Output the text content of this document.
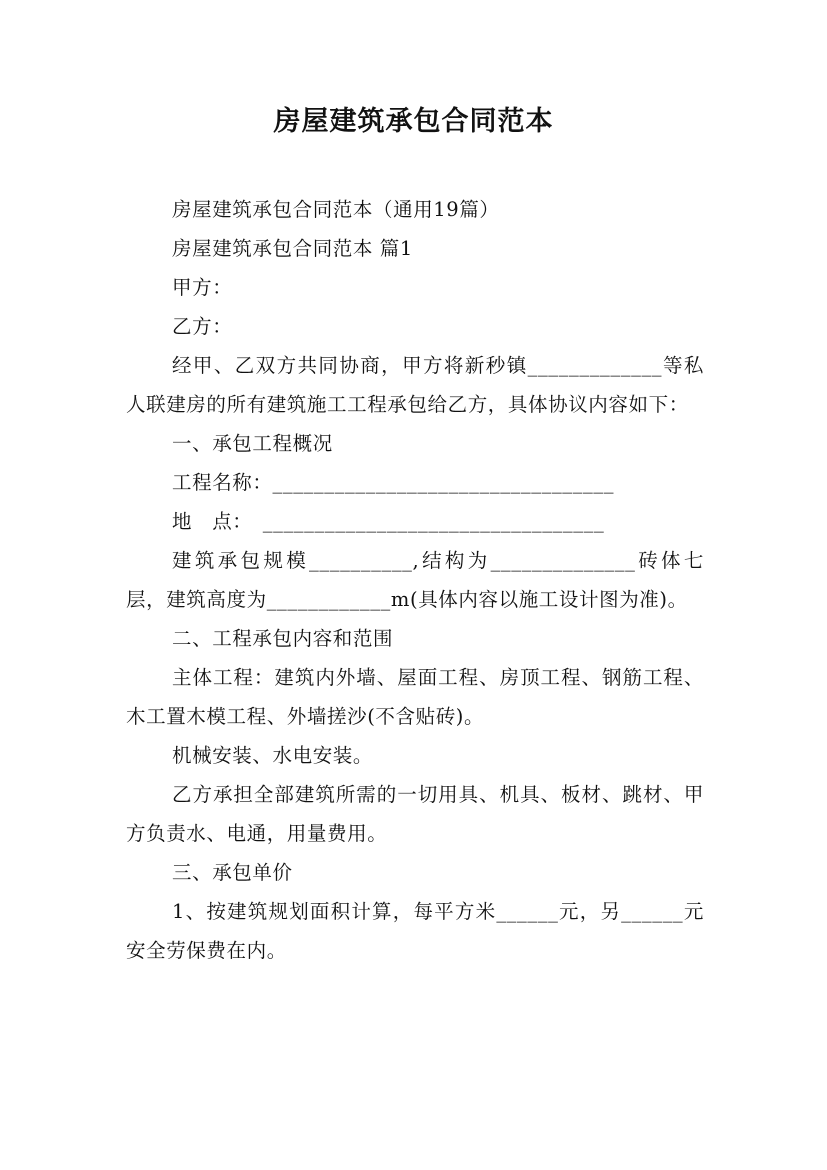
房屋建筑承包合同范本

房屋建筑承包合同范本（通用19篇）

房屋建筑承包合同范本 篇1

甲方：

乙方：

经甲、乙双方共同协商，甲方将新秒镇_____________等私人联建房的所有建筑施工工程承包给乙方，具体协议内容如下：

一、承包工程概况

工程名称：_________________________________

地　点：　_________________________________

建筑承包规模__________,结构为______________砖体七层，建筑高度为____________m(具体内容以施工设计图为准)。

二、工程承包内容和范围

主体工程：建筑内外墙、屋面工程、房顶工程、钢筋工程、木工置木模工程、外墙搓沙(不含贴砖)。

机械安装、水电安装。

乙方承担全部建筑所需的一切用具、机具、板材、跳材、甲方负责水、电通，用量费用。

三、承包单价

1、按建筑规划面积计算，每平方米______元，另______元安全劳保费在内。
